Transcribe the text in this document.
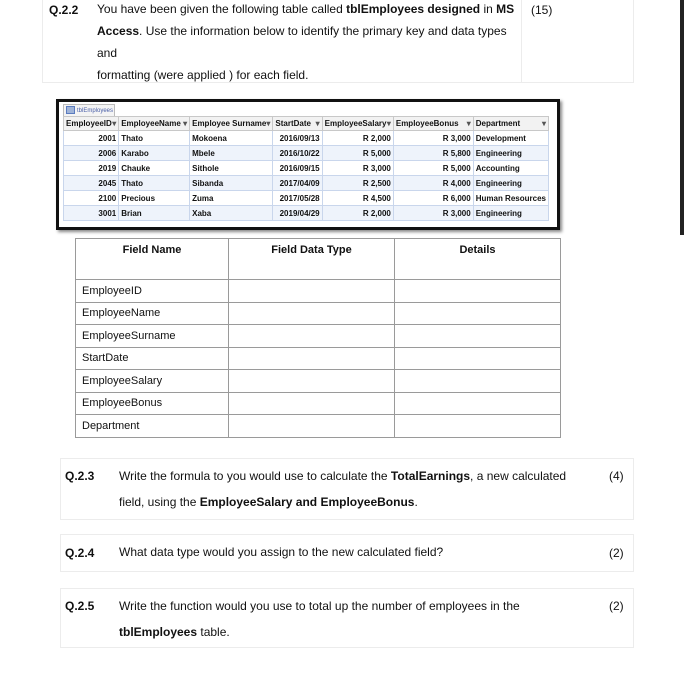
Q.2.2 You have been given the following table called tblEmployees designed in MS
Access. Use the information below to identify the primary key and data types and
formatting (were applied ) for each field.
(15)
tblEmployees
EmployeeID ▾	EmployeeName ▾	Employee Surname ▾	StartDate ▾	EmployeeSalary ▾	EmployeeBonus ▾	Department ▾

2001	Thato	Mokoena	2016/09/13	R 2,000	R 3,000	Development
2006	Karabo	Mbele	2016/10/22	R 5,000	R 5,800	Engineering
2019	Chauke	Sithole	2016/09/15	R 3,000	R 5,000	Accounting
2045	Thato	Sibanda	2017/04/09	R 2,500	R 4,000	Engineering
2100	Precious	Zuma	2017/05/28	R 4,500	R 6,000	Human Resources
3001	Brian	Xaba	2019/04/29	R 2,000	R 3,000	Engineering
Field Name	Field Data Type	Details
EmployeeID		
EmployeeName		
EmployeeSurname		
StartDate		
EmployeeSalary		
EmployeeBonus		
Department		
Q.2.3 Write the formula to you would use to calculate the TotalEarnings, a new calculated
field, using the EmployeeSalary and EmployeeBonus.
(4)
Q.2.4 What data type would you assign to the new calculated field?	(2)
Q.2.5 Write the function would you use to total up the number of employees in the
tblEmployees table.
(2)
